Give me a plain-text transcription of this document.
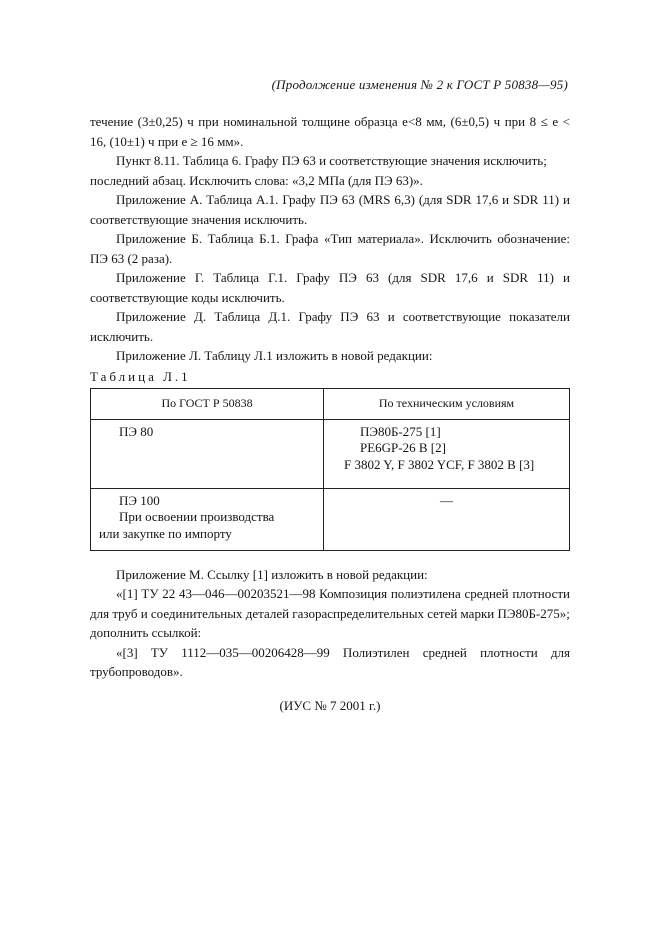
(Продолжение изменения № 2 к ГОСТ Р 50838—95)

течение (3±0,25) ч при номинальной толщине образца e<8 мм, (6±0,5) ч при 8 ≤ e < 16, (10±1) ч при e ≥ 16 мм».

Пункт 8.11. Таблица 6. Графу ПЭ 63 и соответствующие значения исключить;

последний абзац. Исключить слова: «3,2 МПа (для ПЭ 63)».

Приложение А. Таблица А.1. Графу ПЭ 63 (MRS 6,3) (для SDR 17,6 и SDR 11) и соответствующие значения исключить.

Приложение Б. Таблица Б.1. Графа «Тип материала». Исключить обозначение: ПЭ 63 (2 раза).

Приложение Г. Таблица Г.1. Графу ПЭ 63 (для SDR 17,6 и SDR 11) и соответствующие коды исключить.

Приложение Д. Таблица Д.1. Графу ПЭ 63 и соответствующие показатели исключить.

Приложение Л. Таблицу Л.1 изложить в новой редакции:

Таблица Л.1
По ГОСТ Р 50838	По техническим условиям

ПЭ 80	ПЭ80Б-275 [1]
PE6GP-26 B [2]
F 3802 Y, F 3802 YCF, F 3802 B [3]

ПЭ 100
При освоении производства
или закупке по импорту	—

Приложение М. Ссылку [1] изложить в новой редакции:

«[1] ТУ 22 43—046—00203521—98 Композиция полиэтилена средней плотности для труб и соединительных деталей газораспределительных сетей марки ПЭ80Б-275»;

дополнить ссылкой:

«[3] ТУ 1112—035—00206428—99 Полиэтилен средней плотности для трубопроводов».

(ИУС № 7 2001 г.)
